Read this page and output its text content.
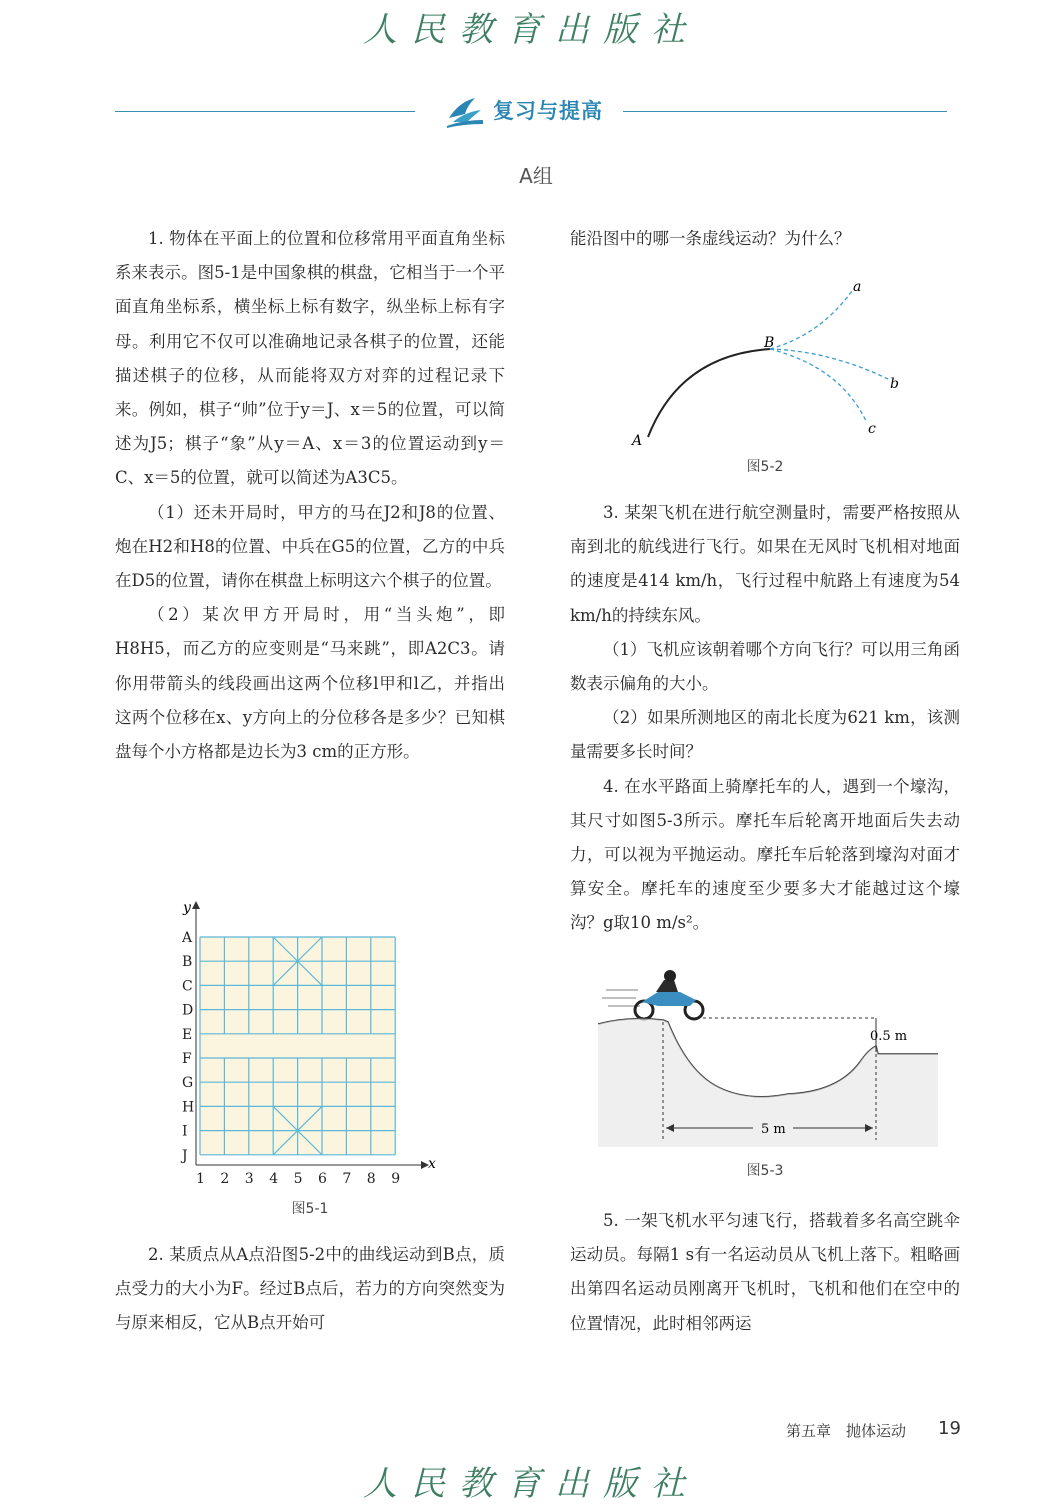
人民教育出版社
复习与提高
A组

1. 物体在平面上的位置和位移常用平面直角坐标系来表示。图5-1是中国象棋的棋盘，它相当于一个平面直角坐标系，横坐标上标有数字，纵坐标上标有字母。利用它不仅可以准确地记录各棋子的位置，还能描述棋子的位移，从而能将双方对弈的过程记录下来。例如，棋子“帅”位于y＝J、x＝5的位置，可以简述为J5；棋子“象”从y＝A、x＝3的位置运动到y＝C、x＝5的位置，就可以简述为A3C5。

（1）还未开局时，甲方的马在J2和J8的位置、炮在H2和H8的位置、中兵在G5的位置，乙方的中兵在D5的位置，请你在棋盘上标明这六个棋子的位置。

（2）某次甲方开局时，用“当头炮”，即H8H5，而乙方的应变则是“马来跳”，即A2C3。请你用带箭头的线段画出这两个位移l甲和l乙，并指出这两个位移在x、y方向上的分位移各是多少？已知棋盘每个小方格都是边长为3 cm的正方形。

y
x
A
B
C
D
E
F
G
H
I
J
1 2 3 4 5 6 7 8 9
图5-1

2. 某质点从A点沿图5-2中的曲线运动到B点，质点受力的大小为F。经过B点后，若力的方向突然变为与原来相反，它从B点开始可

能沿图中的哪一条虚线运动？为什么？

A
B
a
b
c
图5-2

3. 某架飞机在进行航空测量时，需要严格按照从南到北的航线进行飞行。如果在无风时飞机相对地面的速度是414 km/h，飞行过程中航路上有速度为54 km/h的持续东风。

（1）飞机应该朝着哪个方向飞行？可以用三角函数表示偏角的大小。

（2）如果所测地区的南北长度为621 km，该测量需要多长时间？

4. 在水平路面上骑摩托车的人，遇到一个壕沟，其尺寸如图5-3所示。摩托车后轮离开地面后失去动力，可以视为平抛运动。摩托车后轮落到壕沟对面才算安全。摩托车的速度至少要多大才能越过这个壕沟？g取10 m/s²。

0.5 m
5 m
图5-3

5. 一架飞机水平匀速飞行，搭载着多名高空跳伞运动员。每隔1 s有一名运动员从飞机上落下。粗略画出第四名运动员刚离开飞机时，飞机和他们在空中的位置情况，此时相邻两运

第五章　抛体运动 19
人民教育出版社
